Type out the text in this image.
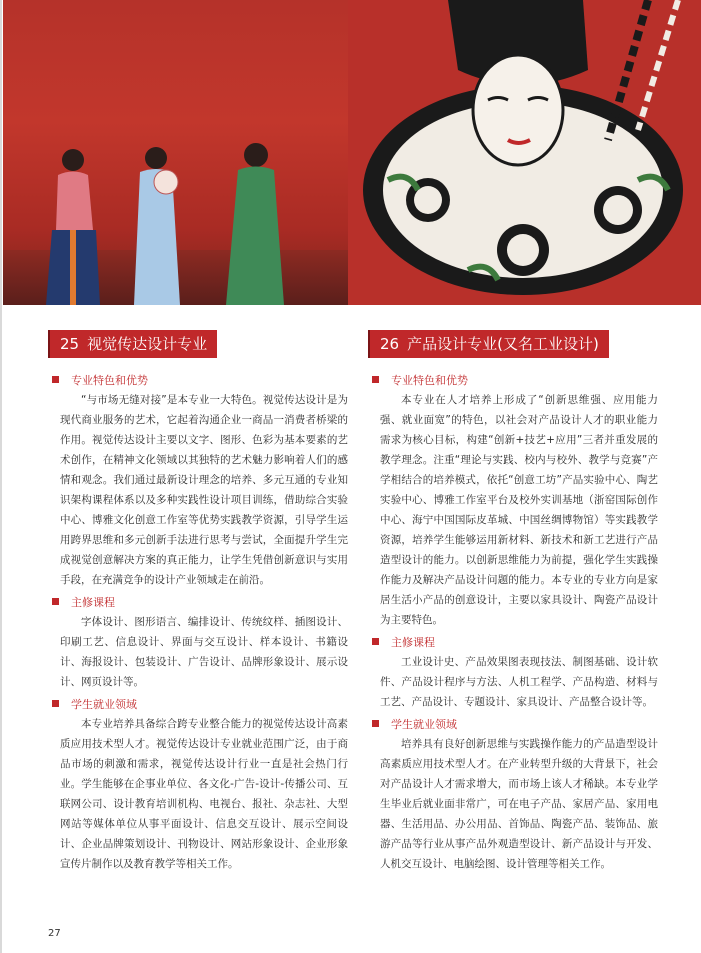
25 视觉传达设计专业
专业特色和优势

“与市场无缝对接”是本专业一大特色。视觉传达设计是为现代商业服务的艺术，它起着沟通企业一商品一消费者桥梁的作用。视觉传达设计主要以文字、图形、色彩为基本要素的艺术创作，在精神文化领域以其独特的艺术魅力影响着人们的感情和观念。我们通过最新设计理念的培养、多元互通的专业知识架构课程体系以及多种实践性设计项目训练，借助综合实验中心、博雅文化创意工作室等优势实践教学资源，引导学生运用跨界思维和多元创新手法进行思考与尝试，全面提升学生完成视觉创意解决方案的真正能力，让学生凭借创新意识与实用手段，在充满竞争的设计产业领域走在前沿。

主修课程

字体设计、图形语言、编排设计、传统纹样、插图设计、印刷工艺、信息设计、界面与交互设计、样本设计、书籍设计、海报设计、包装设计、广告设计、品牌形象设计、展示设计、网页设计等。

学生就业领域

本专业培养具备综合跨专业整合能力的视觉传达设计高素质应用技术型人才。视觉传达设计专业就业范围广泛，由于商品市场的刺激和需求，视觉传达设计行业一直是社会热门行业。学生能够在企事业单位、各文化-广告-设计-传播公司、互联网公司、设计教育培训机构、电视台、报社、杂志社、大型网站等媒体单位从事平面设计、信息交互设计、展示空间设计、企业品牌策划设计、刊物设计、网站形象设计、企业形象宣传片制作以及教育教学等相关工作。

26 产品设计专业(又名工业设计)
专业特色和优势

本专业在人才培养上形成了“创新思维强、应用能力强、就业面宽”的特色，以社会对产品设计人才的职业能力需求为核心目标，构建“创新+技艺+应用”三者并重发展的教学理念。注重“理论与实践、校内与校外、教学与竞赛”产学相结合的培养模式，依托“创意工坊”产品实验中心、陶艺实验中心、博雅工作室平台及校外实训基地（浙窑国际创作中心、海宁中国国际皮革城、中国丝绸博物馆）等实践教学资源，培养学生能够运用新材料、新技术和新工艺进行产品造型设计的能力。以创新思维能力为前提，强化学生实践操作能力及解决产品设计问题的能力。本专业的专业方向是家居生活小产品的创意设计，主要以家具设计、陶瓷产品设计为主要特色。

主修课程

工业设计史、产品效果图表现技法、制图基础、设计软件、产品设计程序与方法、人机工程学、产品构造、材料与工艺、产品设计、专题设计、家具设计、产品整合设计等。

学生就业领域

培养具有良好创新思维与实践操作能力的产品造型设计高素质应用技术型人才。在产业转型升级的大背景下，社会对产品设计人才需求增大，而市场上该人才稀缺。本专业学生毕业后就业面非常广，可在电子产品、家居产品、家用电器、生活用品、办公用品、首饰品、陶瓷产品、装饰品、旅游产品等行业从事产品外观造型设计、新产品设计与开发、人机交互设计、电脑绘图、设计管理等相关工作。

27
